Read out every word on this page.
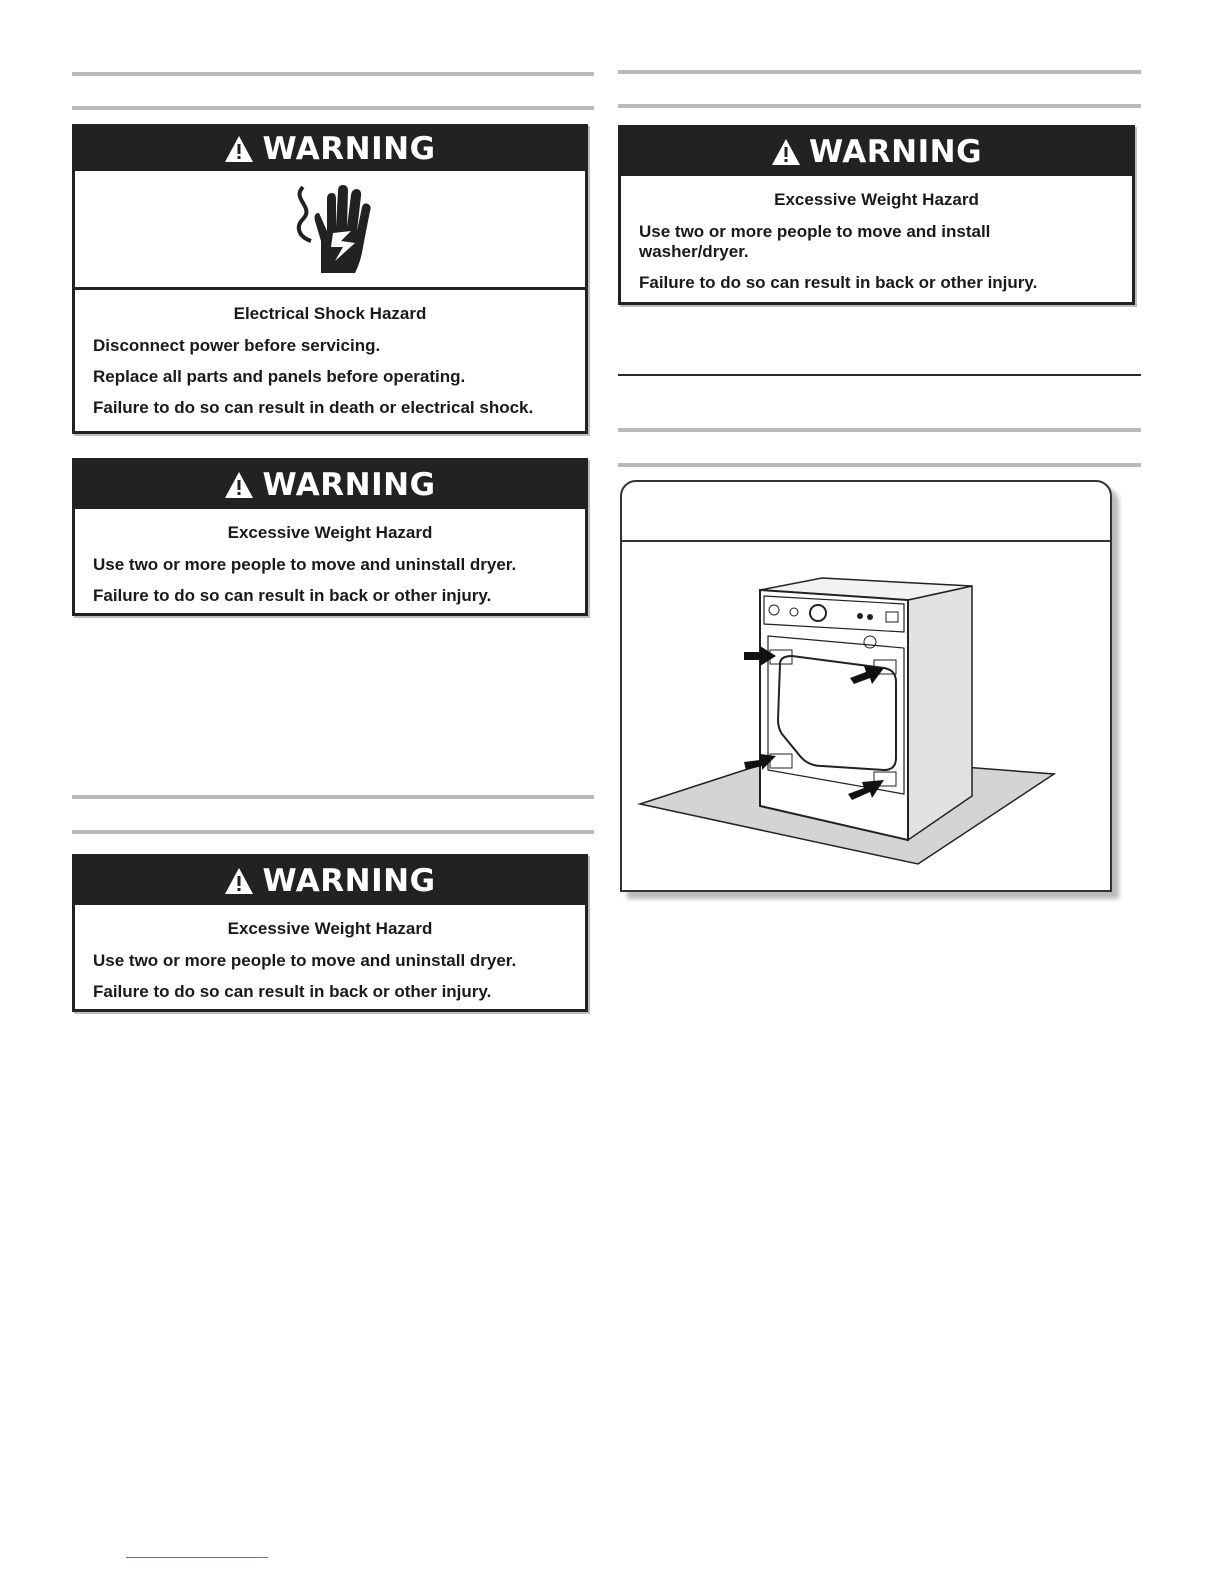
WARNING
Electrical Shock Hazard
Disconnect power before servicing.
Replace all parts and panels before operating.
Failure to do so can result in death or electrical shock.
WARNING
Excessive Weight Hazard
Use two or more people to move and uninstall dryer.
Failure to do so can result in back or other injury.
WARNING
Excessive Weight Hazard
Use two or more people to move and uninstall dryer.
Failure to do so can result in back or other injury.
WARNING
Excessive Weight Hazard
Use two or more people to move and install washer/dryer.
Failure to do so can result in back or other injury.
